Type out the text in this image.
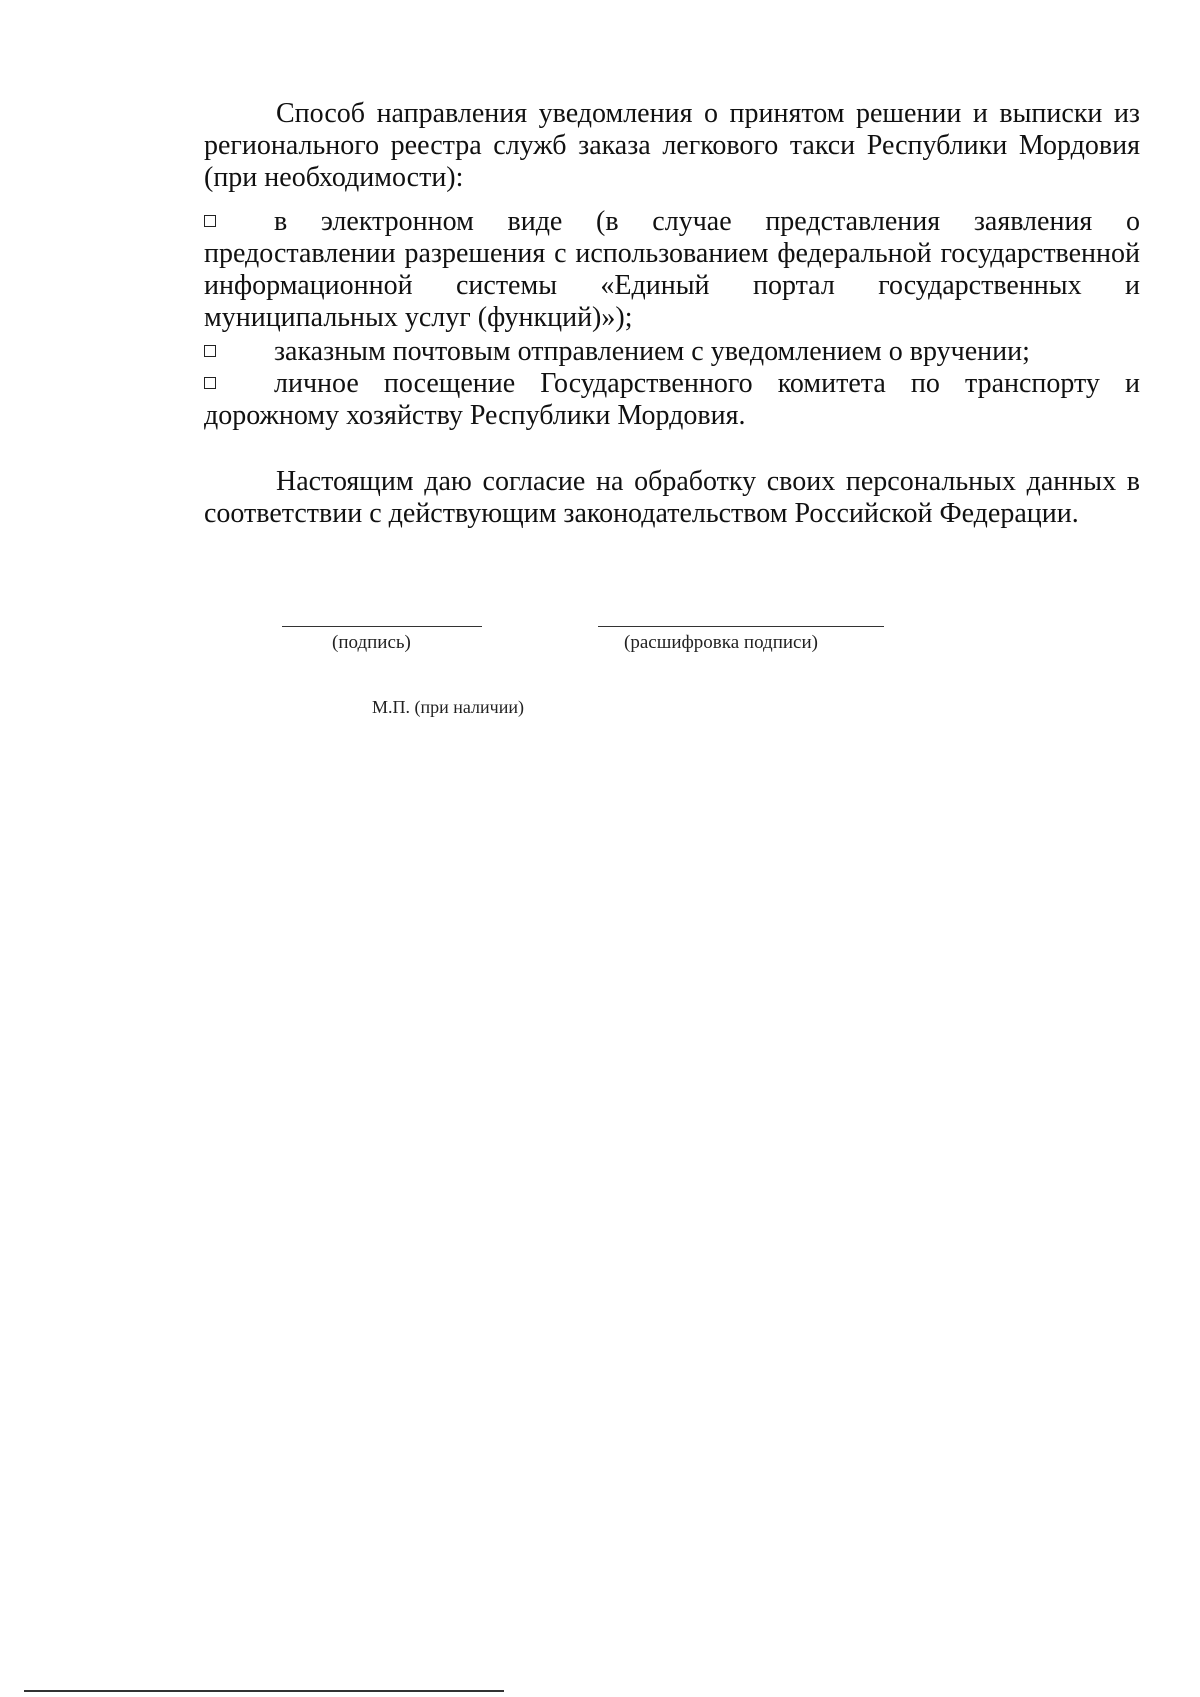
Способ направления уведомления о принятом решении и выписки из регионального реестра служб заказа легкового такси Республики Мордовия (при необходимости):
в электронном виде (в случае представления заявления о предоставлении разрешения с использованием федеральной государственной информационной системы «Единый портал государственных и муниципальных услуг (функций)»);
заказным почтовым отправлением с уведомлением о вручении;
личное посещение Государственного комитета по транспорту и дорожному хозяйству Республики Мордовия.
Настоящим даю согласие на обработку своих персональных данных в соответствии с действующим законодательством Российской Федерации.
(подпись)	(расшифровка подписи)
М.П. (при наличии)
